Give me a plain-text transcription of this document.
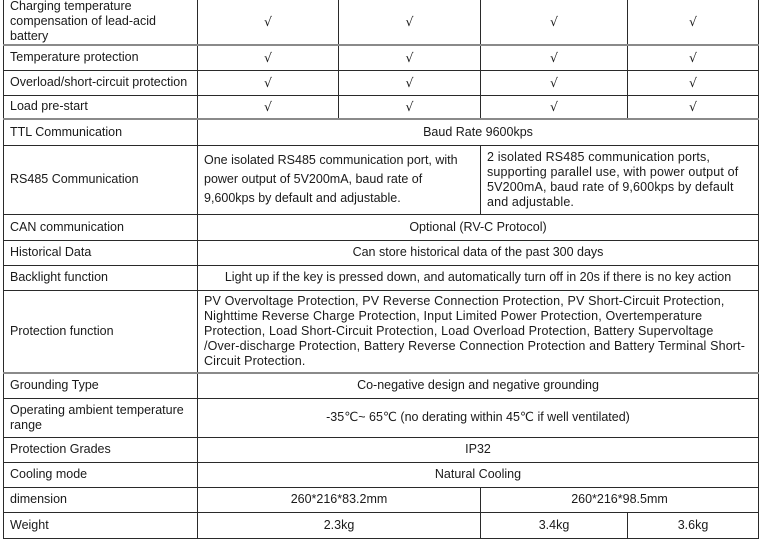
Charging temperature compensation of lead-acid battery	√	√	√	√
Temperature protection	√	√	√	√
Overload/short-circuit protection	√	√	√	√
Load pre-start	√	√	√	√
TTL Communication	Baud Rate 9600kps			
RS485 Communication	One isolated RS485 communication port, with power output of 5V200mA, baud rate of 9,600kps by default and adjustable.		2 isolated RS485 communication ports, supporting parallel use, with power output of 5V200mA, baud rate of 9,600kps by default and adjustable.	
CAN communication	Optional (RV-C Protocol)			
Historical Data	Can store historical data of the past 300 days			
Backlight function	Light up if the key is pressed down, and automatically turn off in 20s if there is no key action			
Protection function	PV Overvoltage Protection, PV Reverse Connection Protection, PV Short-Circuit Protection, Nighttime Reverse Charge Protection, Input Limited Power Protection, Overtemperature Protection, Load Short-Circuit Protection, Load Overload Protection, Battery Supervoltage /Over-discharge Protection, Battery Reverse Connection Protection and Battery Terminal Short-Circuit Protection.			
Grounding Type	Co-negative design and negative grounding			
Operating ambient temperature range	-35℃~ 65℃ (no derating within 45℃ if well ventilated)			
Protection Grades	IP32			
Cooling mode	Natural Cooling			
dimension	260*216*83.2mm		260*216*98.5mm	
Weight	2.3kg		3.4kg	3.6kg
